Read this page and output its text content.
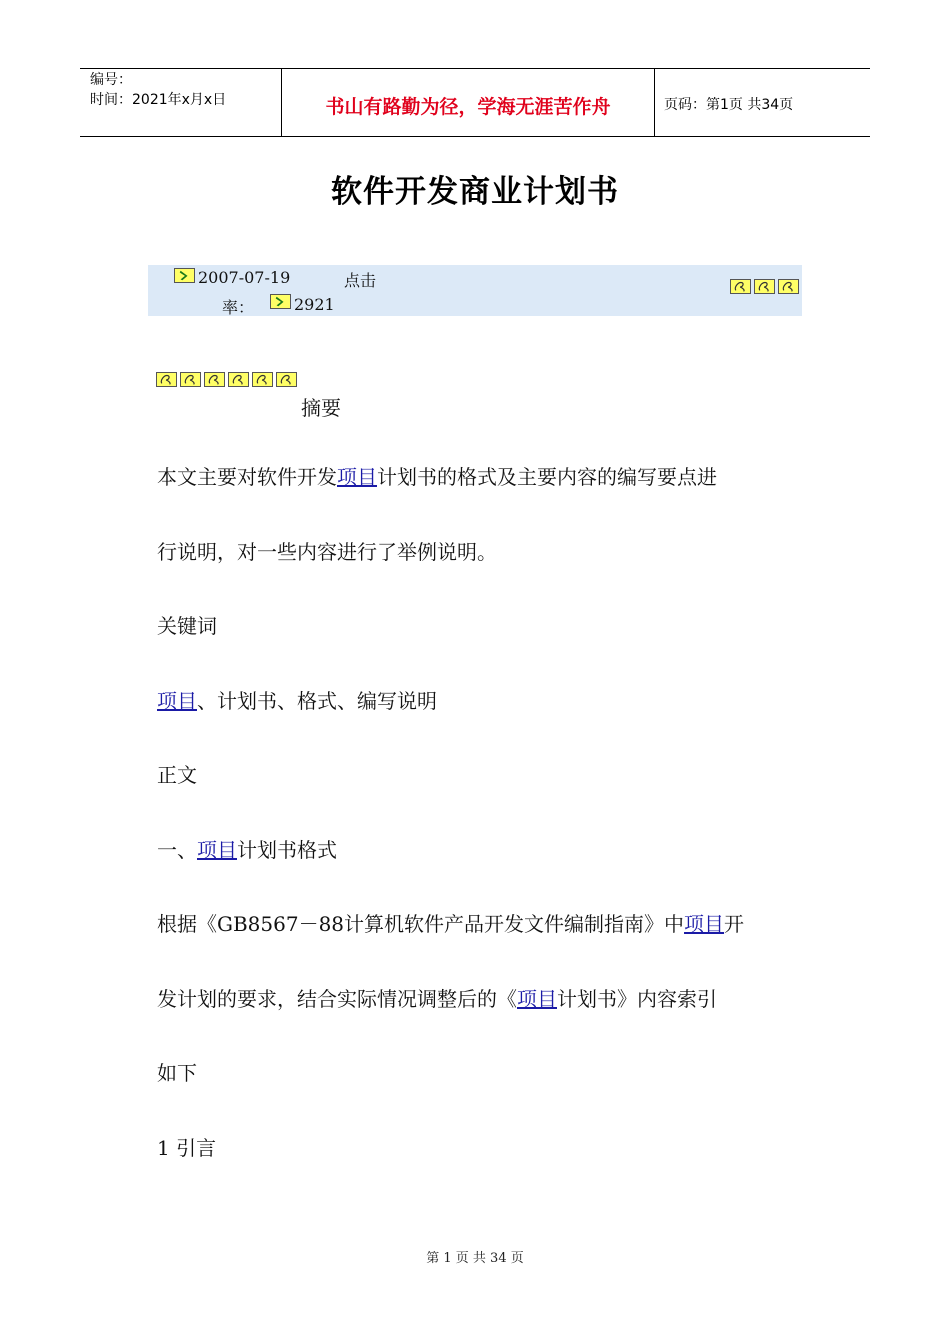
编号：
时间：2021年x月x日	书山有路勤为径，学海无涯苦作舟	页码：第1页 共34页
软件开发商业计划书
2007-07-19	点击
率： 2921
摘要
本文主要对软件开发项目计划书的格式及主要内容的编写要点进
行说明，对一些内容进行了举例说明。
关键词
项目、计划书、格式、编写说明
正文
一、项目计划书格式
根据《GB8567－88计算机软件产品开发文件编制指南》中项目开
发计划的要求，结合实际情况调整后的《项目计划书》内容索引
如下
1 引言
第 1 页 共 34 页
